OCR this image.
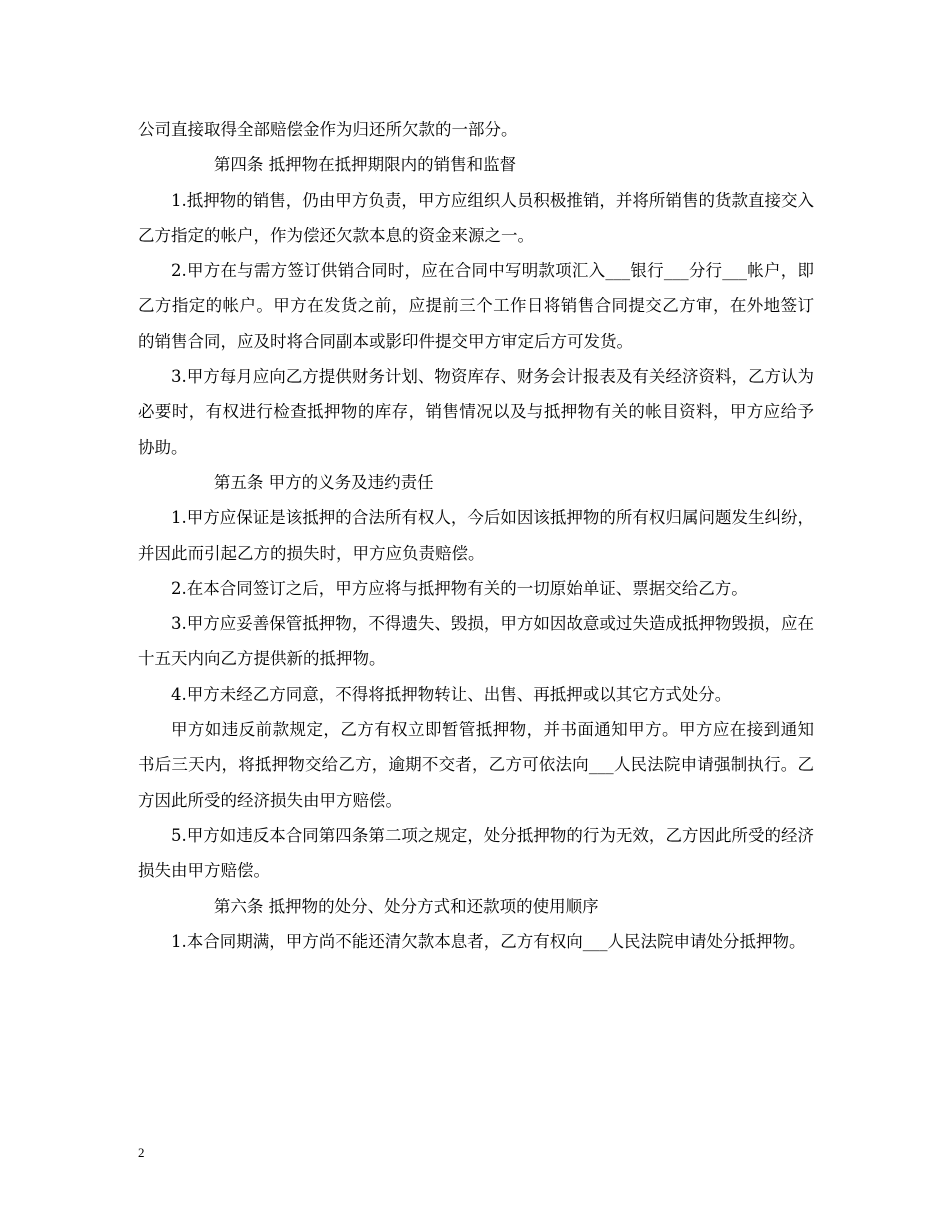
公司直接取得全部赔偿金作为归还所欠款的一部分。

第四条 抵押物在抵押期限内的销售和监督

1.抵押物的销售，仍由甲方负责，甲方应组织人员积极推销，并将所销售的货款直接交入乙方指定的帐户，作为偿还欠款本息的资金来源之一。

2.甲方在与需方签订供销合同时，应在合同中写明款项汇入___银行___分行___帐户，即乙方指定的帐户。甲方在发货之前，应提前三个工作日将销售合同提交乙方审，在外地签订的销售合同，应及时将合同副本或影印件提交甲方审定后方可发货。

3.甲方每月应向乙方提供财务计划、物资库存、财务会计报表及有关经济资料，乙方认为必要时，有权进行检查抵押物的库存，销售情况以及与抵押物有关的帐目资料，甲方应给予协助。

第五条 甲方的义务及违约责任

1.甲方应保证是该抵押的合法所有权人，今后如因该抵押物的所有权归属问题发生纠纷，并因此而引起乙方的损失时，甲方应负责赔偿。

2.在本合同签订之后，甲方应将与抵押物有关的一切原始单证、票据交给乙方。

3.甲方应妥善保管抵押物，不得遗失、毁损，甲方如因故意或过失造成抵押物毁损，应在十五天内向乙方提供新的抵押物。

4.甲方未经乙方同意，不得将抵押物转让、出售、再抵押或以其它方式处分。

甲方如违反前款规定，乙方有权立即暂管抵押物，并书面通知甲方。甲方应在接到通知书后三天内，将抵押物交给乙方，逾期不交者，乙方可依法向___人民法院申请强制执行。乙方因此所受的经济损失由甲方赔偿。

5.甲方如违反本合同第四条第二项之规定，处分抵押物的行为无效，乙方因此所受的经济损失由甲方赔偿。

第六条 抵押物的处分、处分方式和还款项的使用顺序

1.本合同期满，甲方尚不能还清欠款本息者，乙方有权向___人民法院申请处分抵押物。

2
